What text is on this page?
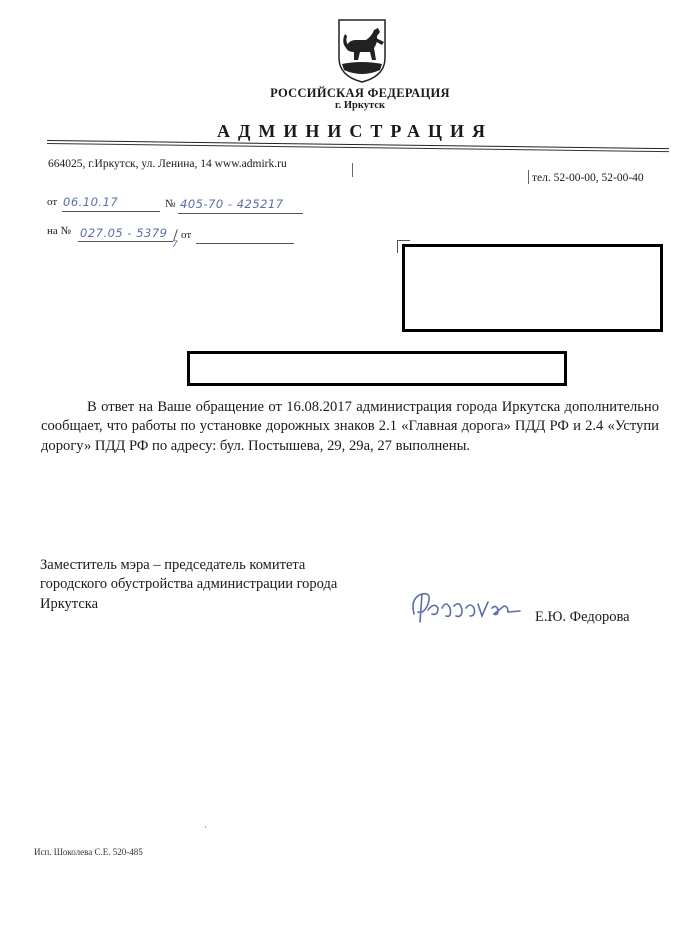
РОССИЙСКАЯ ФЕДЕРАЦИЯ
г. Иркутск
АДМИНИСТРАЦИЯ
664025, г.Иркутск, ул. Ленина, 14 www.admirk.ru
тел. 52-00-00, 52-00-40
от 06.10.17	№ 405-70 - 425217
на № 027.05 - 5379
7
от
В ответ на Ваше обращение от 16.08.2017 администрация города Иркутска дополнительно сообщает, что работы по установке дорожных знаков 2.1 «Главная дорога» ПДД РФ и 2.4 «Уступи дорогу» ПДД РФ по адресу: бул. Постышева, 29, 29а, 27 выполнены.
Заместитель мэра – председатель комитета городского обустройства администрации города Иркутска
Е.Ю. Федорова
Исп. Шоколева С.Е. 520-485
